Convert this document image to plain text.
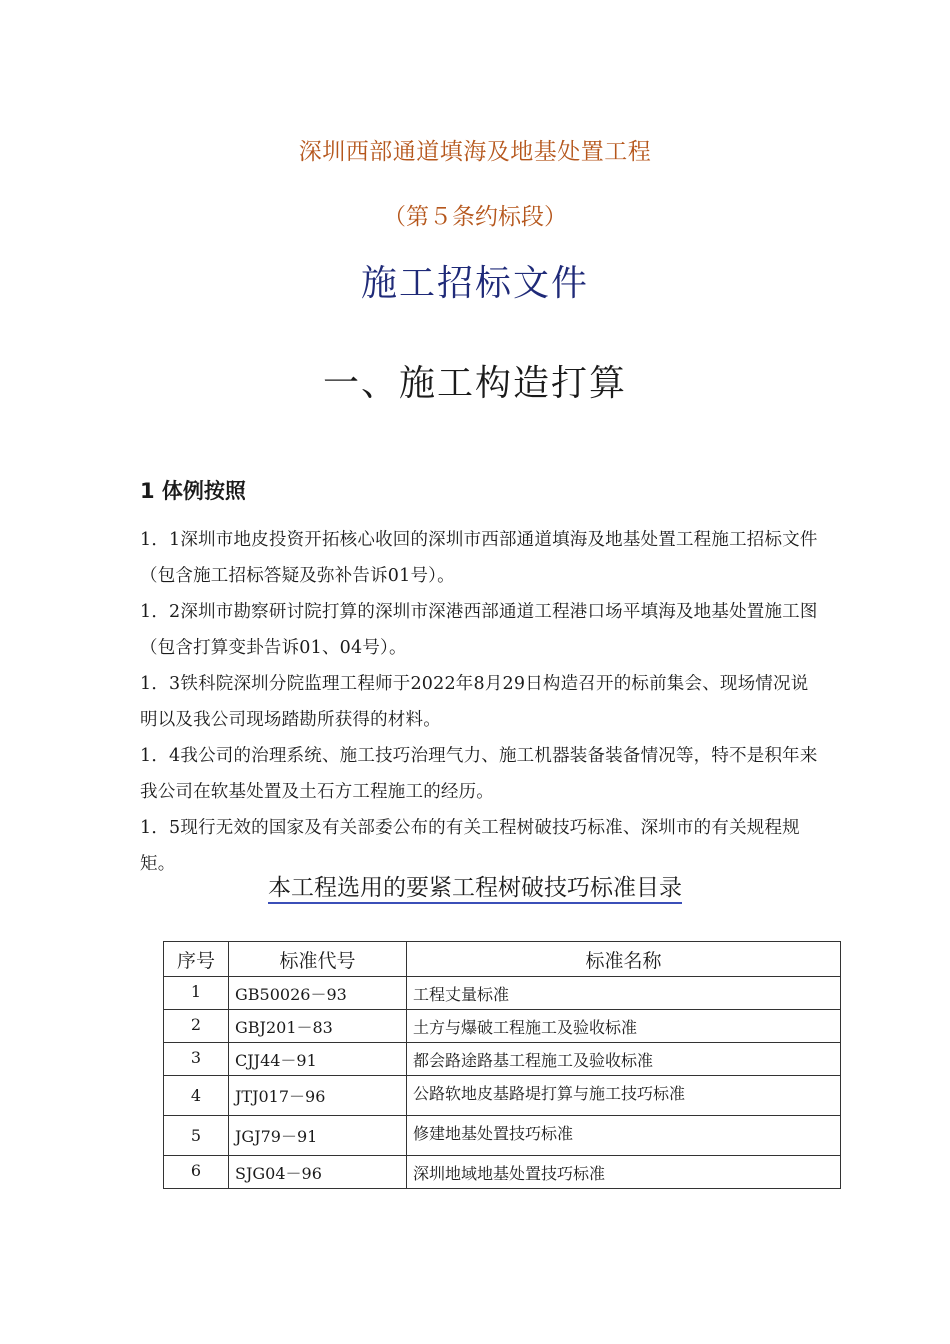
深圳西部通道填海及地基处置工程
（第５条约标段）
施工招标文件
一、施工构造打算
1 体例按照

1．1深圳市地皮投资开拓核心收回的深圳市西部通道填海及地基处置工程施工招标文件（包含施工招标答疑及弥补告诉01号）。

1．2深圳市勘察研讨院打算的深圳市深港西部通道工程港口场平填海及地基处置施工图（包含打算变卦告诉01、04号）。

1．3铁科院深圳分院监理工程师于2022年8月29日构造召开的标前集会、现场情况说明以及我公司现场踏勘所获得的材料。

1．4我公司的治理系统、施工技巧治理气力、施工机器装备装备情况等，特不是积年来我公司在软基处置及土石方工程施工的经历。

1．5现行无效的国家及有关部委公布的有关工程树破技巧标准、深圳市的有关规程规矩。

本工程选用的要紧工程树破技巧标准目录
序号	标准代号	标准名称
1	GB50026－93	工程丈量标准
2	GBJ201－83	土方与爆破工程施工及验收标准
3	CJJ44－91	都会路途路基工程施工及验收标准
4	JTJ017－96	公路软地皮基路堤打算与施工技巧标准
5	JGJ79－91	修建地基处置技巧标准
6	SJG04－96	深圳地域地基处置技巧标准
